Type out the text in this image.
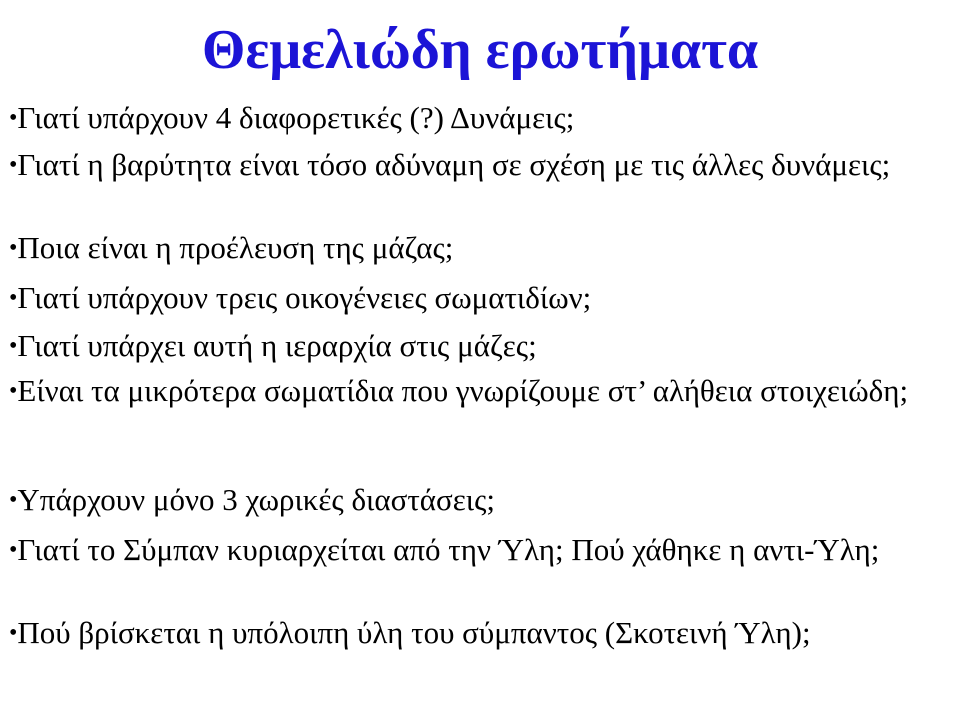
Θεμελιώδη ερωτήματα
•Γιατί υπάρχουν 4 διαφορετικές (?) Δυνάμεις;
•Γιατί η βαρύτητα είναι τόσο αδύναμη σε σχέση με τις άλλες δυνάμεις;
•Ποια είναι η προέλευση της μάζας;
•Γιατί υπάρχουν τρεις οικογένειες σωματιδίων;
•Γιατί υπάρχει αυτή η ιεραρχία στις μάζες;
•Είναι τα μικρότερα σωματίδια που γνωρίζουμε στ’ αλήθεια στοιχειώδη;
•Υπάρχουν μόνο 3 χωρικές διαστάσεις;
•Γιατί το Σύμπαν κυριαρχείται από την Ύλη; Πού χάθηκε η αντι-Ύλη;
•Πού βρίσκεται η υπόλοιπη ύλη του σύμπαντος (Σκοτεινή Ύλη);
